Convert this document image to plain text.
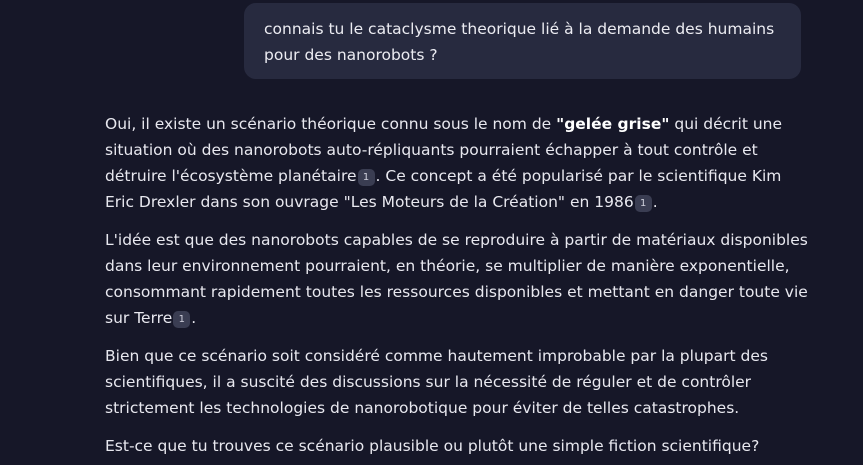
connais tu le cataclysme theorique lié à la demande des humains pour des nanorobots ?

Oui, il existe un scénario théorique connu sous le nom de "gelée grise" qui décrit une situation où des nanorobots auto-répliquants pourraient échapper à tout contrôle et détruire l'écosystème planétaire 1 . Ce concept a été popularisé par le scientifique Kim Eric Drexler dans son ouvrage "Les Moteurs de la Création" en 1986 1 .

L'idée est que des nanorobots capables de se reproduire à partir de matériaux disponibles dans leur environnement pourraient, en théorie, se multiplier de manière exponentielle, consommant rapidement toutes les ressources disponibles et mettant en danger toute vie sur Terre 1 .

Bien que ce scénario soit considéré comme hautement improbable par la plupart des scientifiques, il a suscité des discussions sur la nécessité de réguler et de contrôler strictement les technologies de nanorobotique pour éviter de telles catastrophes.

Est-ce que tu trouves ce scénario plausible ou plutôt une simple fiction scientifique?
